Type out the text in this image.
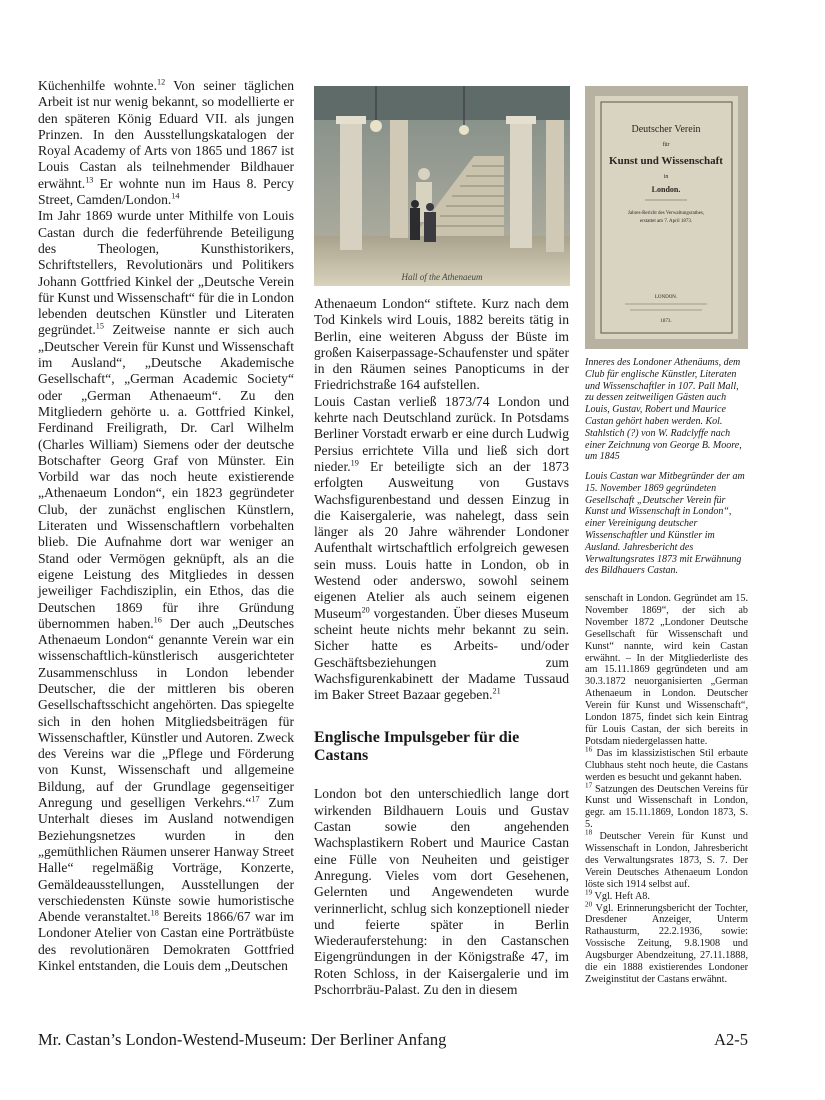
Küchenhilfe wohnte.$^{12}$ Von seiner täglichen Arbeit ist nur wenig bekannt, so modellierte er den späteren König Eduard VII. als jungen Prinzen. In den Ausstellungskatalogen der Royal Academy of Arts von 1865 und 1867 ist Louis Castan als teilnehmender Bildhauer erwähnt.$^{13}$ Er wohnte nun im Haus 8. Percy Street, Camden/London.$^{14}$

Im Jahr 1869 wurde unter Mithilfe von Louis Castan durch die federführende Beteiligung des Theologen, Kunsthistorikers, Schriftstellers, Revolutionärs und Politikers Johann Gottfried Kinkel der „Deutsche Verein für Kunst und Wissenschaft“ für die in London lebenden deutschen Künstler und Literaten gegründet.$^{15}$ Zeitweise nannte er sich auch „Deutscher Verein für Kunst und Wissenschaft im Ausland“, „Deutsche Akademische Gesellschaft“, „German Academic Society“ oder „German Athenaeum“. Zu den Mitgliedern gehörte u. a. Gottfried Kinkel, Ferdinand Freiligrath, Dr. Carl Wilhelm (Charles William) Siemens oder der deutsche Botschafter Georg Graf von Münster. Ein Vorbild war das noch heute existierende „Athenaeum London“, ein 1823 gegründeter Club, der zunächst englischen Künstlern, Literaten und Wissenschaftlern vorbehalten blieb. Die Aufnahme dort war weniger an Stand oder Vermögen geknüpft, als an die eigene Leistung des Mitgliedes in dessen jeweiliger Fachdisziplin, ein Ethos, das die Deutschen 1869 für ihre Gründung übernommen haben.$^{16}$ Der auch „Deutsches Athenaeum London“ genannte Verein war ein wissenschaftlich-künstlerisch ausgerichteter Zusammenschluss in London lebender Deutscher, die der mittleren bis oberen Gesellschaftsschicht angehörten. Das spiegelte sich in den hohen Mitgliedsbeiträgen für Wissenschaftler, Künstler und Autoren. Zweck des Vereins war die „Pflege und Förderung von Kunst, Wissenschaft und allgemeine Bildung, auf der Grundlage gegenseitiger Anregung und geselligen Verkehrs.“$^{17}$ Zum Unterhalt dieses im Ausland notwendigen Beziehungsnetzes wurden in den „gemüthlichen Räumen unserer Hanway Street Halle“ regelmäßig Vorträge, Konzerte, Gemäldeausstellungen, Ausstellungen der verschiedensten Künste sowie humoristische Abende veranstaltet.$^{18}$ Bereits 1866/67 war im Londoner Atelier von Castan eine Porträtbüste des revolutionären Demokraten Gottfried Kinkel entstanden, die Louis dem „Deutschen

Hall of the Athenaeum

Athenaeum London“ stiftete. Kurz nach dem Tod Kinkels wird Louis, 1882 bereits tätig in Berlin, eine weiteren Abguss der Büste im großen Kaiserpassage-Schaufenster und später in den Räumen seines Panopticums in der Friedrichstraße 164 aufstellen.

Louis Castan verließ 1873/74 London und kehrte nach Deutschland zurück. In Potsdams Berliner Vorstadt erwarb er eine durch Ludwig Persius errichtete Villa und ließ sich dort nieder.$^{19}$ Er beteiligte sich an der 1873 erfolgten Ausweitung von Gustavs Wachsfigurenbestand und dessen Einzug in die Kaisergalerie, was nahelegt, dass sein länger als 20 Jahre währender Londoner Aufenthalt wirtschaftlich erfolgreich gewesen sein muss. Louis hatte in London, ob in Westend oder anderswo, sowohl seinem eigenen Atelier als auch seinem eigenen Museum$^{20}$ vorgestanden. Über dieses Museum scheint heute nichts mehr bekannt zu sein. Sicher hatte es Arbeits- und/oder Geschäftsbeziehungen zum Wachsfigurenkabinett der Madame Tussaud im Baker Street Bazaar gegeben.$^{21}$

Englische Impulsgeber für die Castans

London bot den unterschiedlich lange dort wirkenden Bildhauern Louis und Gustav Castan sowie den angehenden Wachsplastikern Robert und Maurice Castan eine Fülle von Neuheiten und geistiger Anregung. Vieles vom dort Gesehenen, Gelernten und Angewendeten wurde verinnerlicht, schlug sich konzeptionell nieder und feierte später in Berlin Wiederauferstehung: in den Castanschen Eigengründungen in der Königstraße 47, im Roten Schloss, in der Kaisergalerie und im Pschorrbräu-Palast. Zu den in diesem

Deutscher Verein
für
Kunst und Wissenschaft
in
London.
Jahres-Bericht des Verwaltungsrathes,
erstattet am 7. April 1873.
LONDON.
1873.
Inneres des Londoner Athenäums, dem Club für englische Künstler, Literaten und Wissenschaftler in 107. Pall Mall, zu dessen zeitweiligen Gästen auch Louis, Gustav, Robert und Maurice Castan gehört haben werden. Kol. Stahlstich (?) von W. Radclyffe nach einer Zeichnung von George B. Moore, um 1845
Louis Castan war Mitbegründer der am 15. November 1869 gegründeten Gesellschaft „Deutscher Verein für Kunst und Wissenschaft in London“, einer Vereinigung deutscher Wissenschaftler und Künstler im Ausland. Jahresbericht des Verwaltungsrates 1873 mit Erwähnung des Bildhauers Castan.

senschaft in London. Gegründet am 15. November 1869“, der sich ab November 1872 „Londoner Deutsche Gesellschaft für Wissenschaft und Kunst“ nannte, wird kein Castan erwähnt. – In der Mitgliederliste des am 15.11.1869 gegründeten und am 30.3.1872 neuorganisierten „German Athenaeum in London. Deutscher Verein für Kunst und Wissenschaft“, London 1875, findet sich kein Eintrag für Louis Castan, der sich bereits in Potsdam niedergelassen hatte.

$^{16}$ Das im klassizistischen Stil erbaute Clubhaus steht noch heute, die Castans werden es besucht und gekannt haben.

$^{17}$ Satzungen des Deutschen Vereins für Kunst und Wissenschaft in London, gegr. am 15.11.1869, London 1873, S. 5.

$^{18}$ Deutscher Verein für Kunst und Wissenschaft in London, Jahresbericht des Verwaltungsrates 1873, S. 7. Der Verein Deutsches Athenaeum London löste sich 1914 selbst auf.

$^{19}$ Vgl. Heft A8.

$^{20}$ Vgl. Erinnerungsbericht der Tochter, Dresdener Anzeiger, Unterm Rathausturm, 22.2.1936, sowie: Vossische Zeitung, 9.8.1908 und Augsburger Abendzeitung, 27.11.1888, die ein 1888 existierendes Londoner Zweiginstitut der Castans erwähnt.

Mr. Castan’s London-Westend-Museum: Der Berliner Anfang	A2-5
